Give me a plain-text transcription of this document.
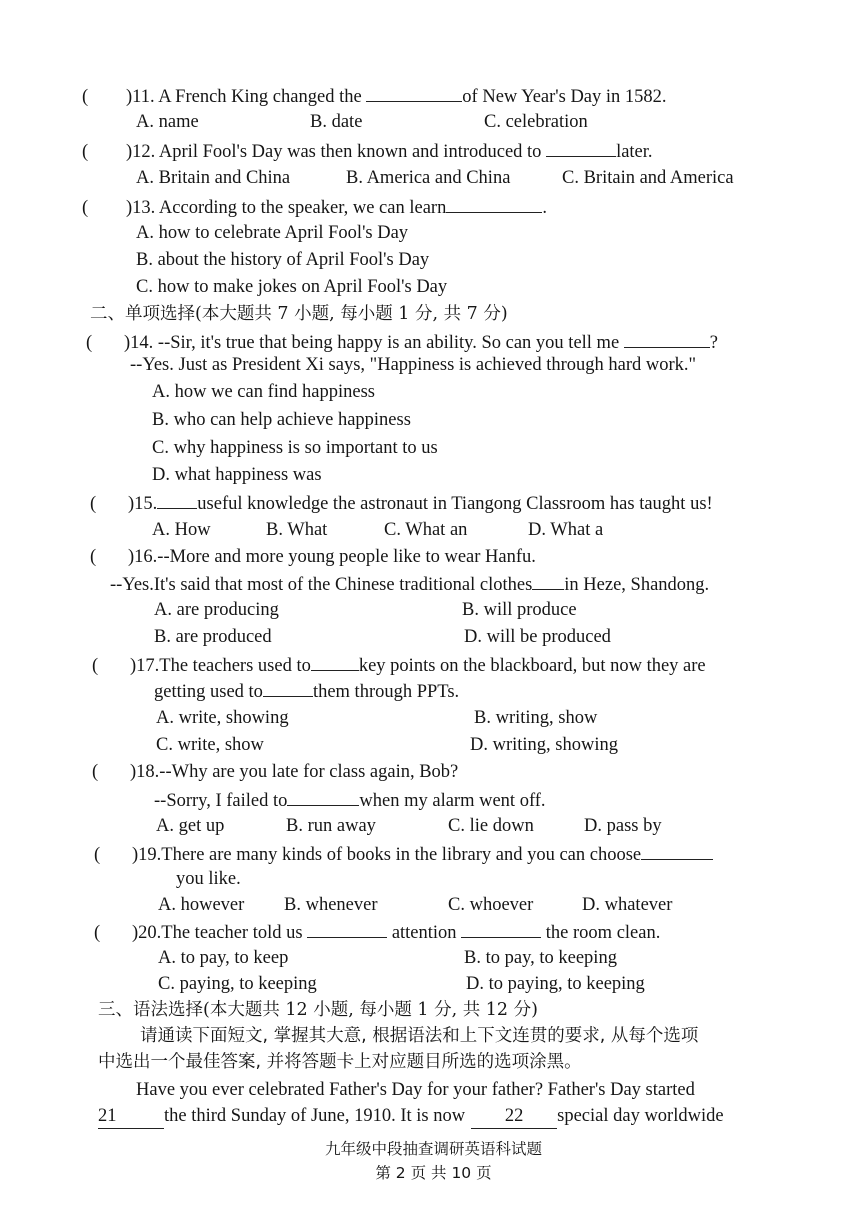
( )11. A French King changed the	of New Year's Day in 1582.
A. name	B. date	C. celebration
( )12. April Fool's Day was then known and introduced to	later.
A. Britain and China	B. America and China	C. Britain and America
( )13. According to the speaker, we can learn	.
A. how to celebrate April Fool's Day
B. about the history of April Fool's Day
C. how to make jokes on April Fool's Day
二、单项选择(本大题共 7 小题, 每小题 1 分, 共 7 分)
( )14. --Sir, it's true that being happy is an ability. So can you tell me	?
--Yes. Just as President Xi says, "Happiness is achieved through hard work."
A. how we can find happiness
B. who can help achieve happiness
C. why happiness is so important to us
D. what happiness was
( )15. useful knowledge the astronaut in Tiangong Classroom has taught us!
A. How	B. What	C. What an	D. What a
( )16.--More and more young people like to wear Hanfu.
--Yes.It's said that most of the Chinese traditional clothes in Heze, Shandong.
A. are producing	B. will produce
B. are produced	D. will be produced
( )17.The teachers used to	key points on the blackboard, but now they are
getting used to	them through PPTs.
A. write, showing	B. writing, show
C. write, show	D. writing, showing
( )18.--Why are you late for class again, Bob?
--Sorry, I failed to	when my alarm went off.
A. get up	B. run away	C. lie down	D. pass by
( )19.There are many kinds of books in the library and you can choose
you like.
A. however B. whenever	C. whoever	D. whatever
( )20.The teacher told us	attention	the room clean.
A. to pay, to keep	B. to pay, to keeping
C. paying, to keeping	D. to paying, to keeping
三、语法选择(本大题共 12 小题, 每小题 1 分, 共 12 分)
请通读下面短文, 掌握其大意, 根据语法和上下文连贯的要求, 从每个选项
中选出一个最佳答案, 并将答题卡上对应题目所选的选项涂黑。
Have you ever celebrated Father's Day for your father? Father's Day started
21	the third Sunday of June, 1910. It is now 22 special day worldwide
九年级中段抽查调研英语科试题
第 2 页 共 10 页
